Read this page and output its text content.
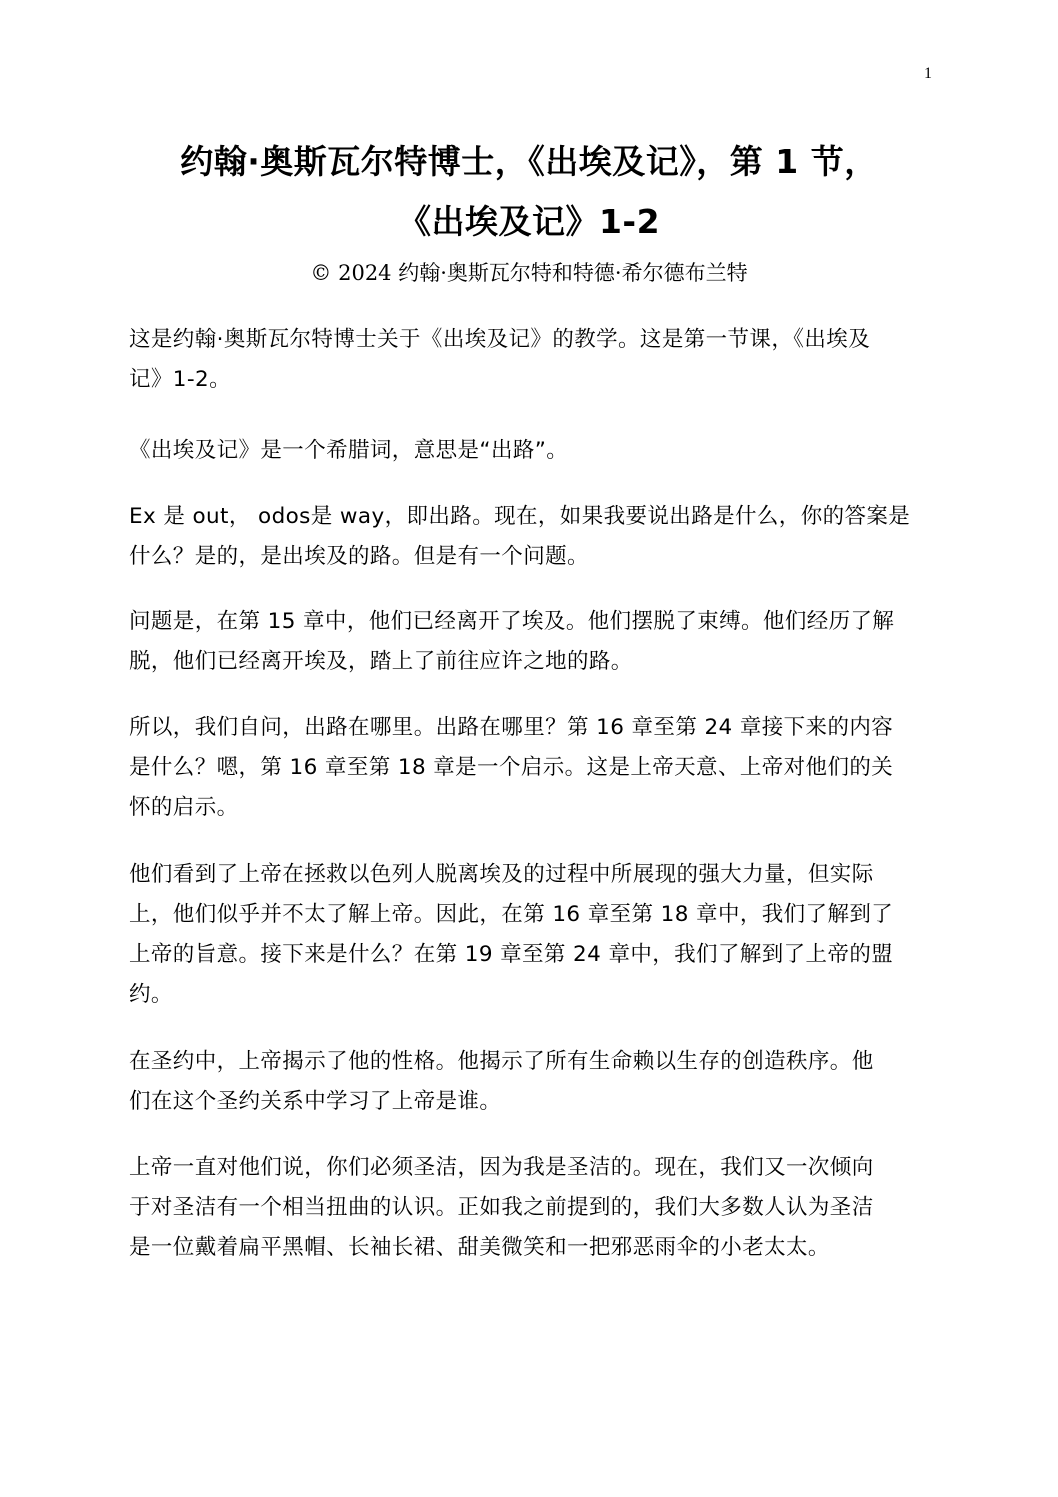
1
约翰·奥斯瓦尔特博士，《出埃及记》，第 1 节，
《出埃及记》1-2
© 2024 约翰·奥斯瓦尔特和特德·希尔德布兰特

这是约翰·奥斯瓦尔特博士关于《出埃及记》的教学。这是第一节课，《出埃及
记》1-2。

《出埃及记》是一个希腊词，意思是“出路”。

Ex 是 out， odos是 way，即出路。现在，如果我要说出路是什么，你的答案是
什么？是的，是出埃及的路。但是有一个问题。

问题是，在第 15 章中，他们已经离开了埃及。他们摆脱了束缚。他们经历了解
脱，他们已经离开埃及，踏上了前往应许之地的路。

所以，我们自问，出路在哪里。出路在哪里？第 16 章至第 24 章接下来的内容
是什么？嗯，第 16 章至第 18 章是一个启示。这是上帝天意、上帝对他们的关
怀的启示。

他们看到了上帝在拯救以色列人脱离埃及的过程中所展现的强大力量，但实际
上，他们似乎并不太了解上帝。因此，在第 16 章至第 18 章中，我们了解到了
上帝的旨意。接下来是什么？在第 19 章至第 24 章中，我们了解到了上帝的盟
约。

在圣约中，上帝揭示了他的性格。他揭示了所有生命赖以生存的创造秩序。他
们在这个圣约关系中学习了上帝是谁。

上帝一直对他们说，你们必须圣洁，因为我是圣洁的。现在，我们又一次倾向
于对圣洁有一个相当扭曲的认识。正如我之前提到的，我们大多数人认为圣洁
是一位戴着扁平黑帽、长袖长裙、甜美微笑和一把邪恶雨伞的小老太太。
